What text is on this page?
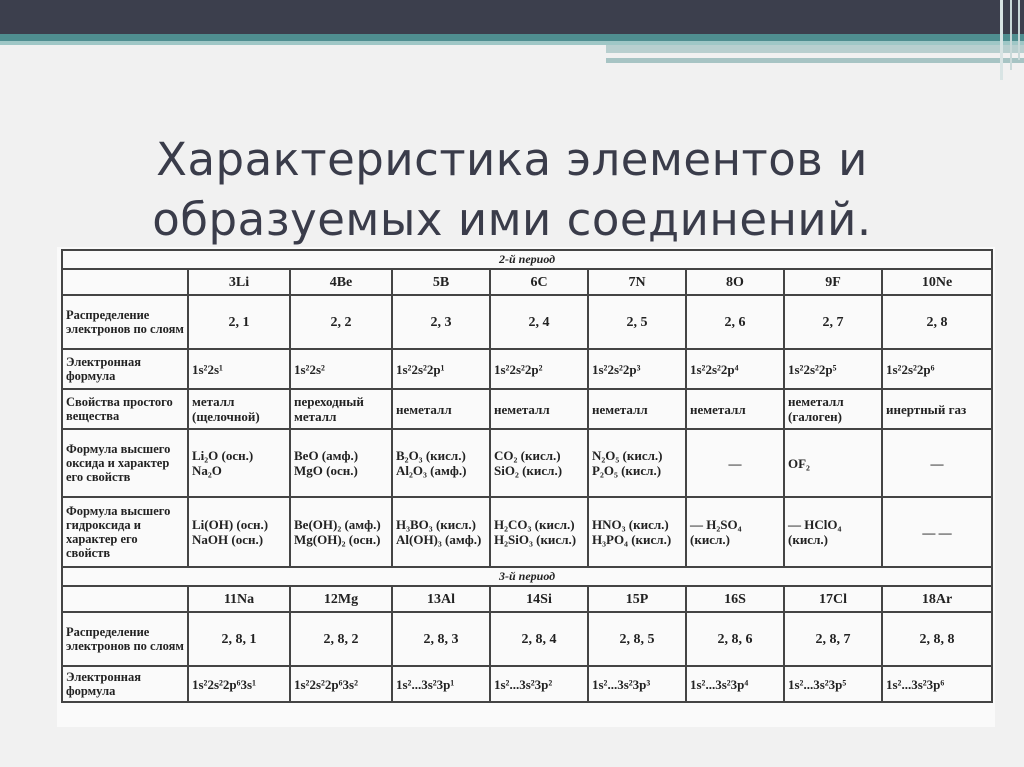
Характеристика элементов и
образуемых ими соединений.
2-й период								
	3Li	4Be	5B	6C	7N	8O	9F	10Ne
Распределение электронов по слоям	2, 1	2, 2	2, 3	2, 4	2, 5	2, 6	2, 7	2, 8
Электронная формула	1s²2s¹	1s²2s²	1s²2s²2p¹	1s²2s²2p²	1s²2s²2p³	1s²2s²2p⁴	1s²2s²2p⁵	1s²2s²2p⁶
Свойства простого вещества	металл (щелочной)	переходный металл	неметалл	неметалл	неметалл	неметалл	неметалл (галоген)	инертный газ
Формула высшего оксида и характер его свойств	Li₂O (осн.) Na₂O	BeO (амф.) MgO (осн.)	B₂O₃ (кисл.) Al₂O₃ (амф.)	CO₂ (кисл.) SiO₂ (кисл.)	N₂O₅ (кисл.) P₂O₅ (кисл.)	—	OF₂	—
Формула высшего гидроксида и характер его свойств	Li(OH) (осн.) NaOH (осн.)	Be(OH)₂ (амф.) Mg(OH)₂ (осн.)	H₃BO₃ (кисл.) Al(OH)₃ (амф.)	H₂CO₃ (кисл.) H₂SiO₃ (кисл.)	HNO₃ (кисл.) H₃PO₄ (кисл.)	— H₂SO₄ (кисл.)	— HClO₄ (кисл.)	— —
3-й период								
	11Na	12Mg	13Al	14Si	15P	16S	17Cl	18Ar
Распределение электронов по слоям	2, 8, 1	2, 8, 2	2, 8, 3	2, 8, 4	2, 8, 5	2, 8, 6	2, 8, 7	2, 8, 8
Электронная формула	1s²2s²2p⁶3s¹	1s²2s²2p⁶3s²	1s²...3s²3p¹	1s²...3s²3p²	1s²...3s²3p³	1s²...3s²3p⁴	1s²...3s²3p⁵	1s²...3s²3p⁶
